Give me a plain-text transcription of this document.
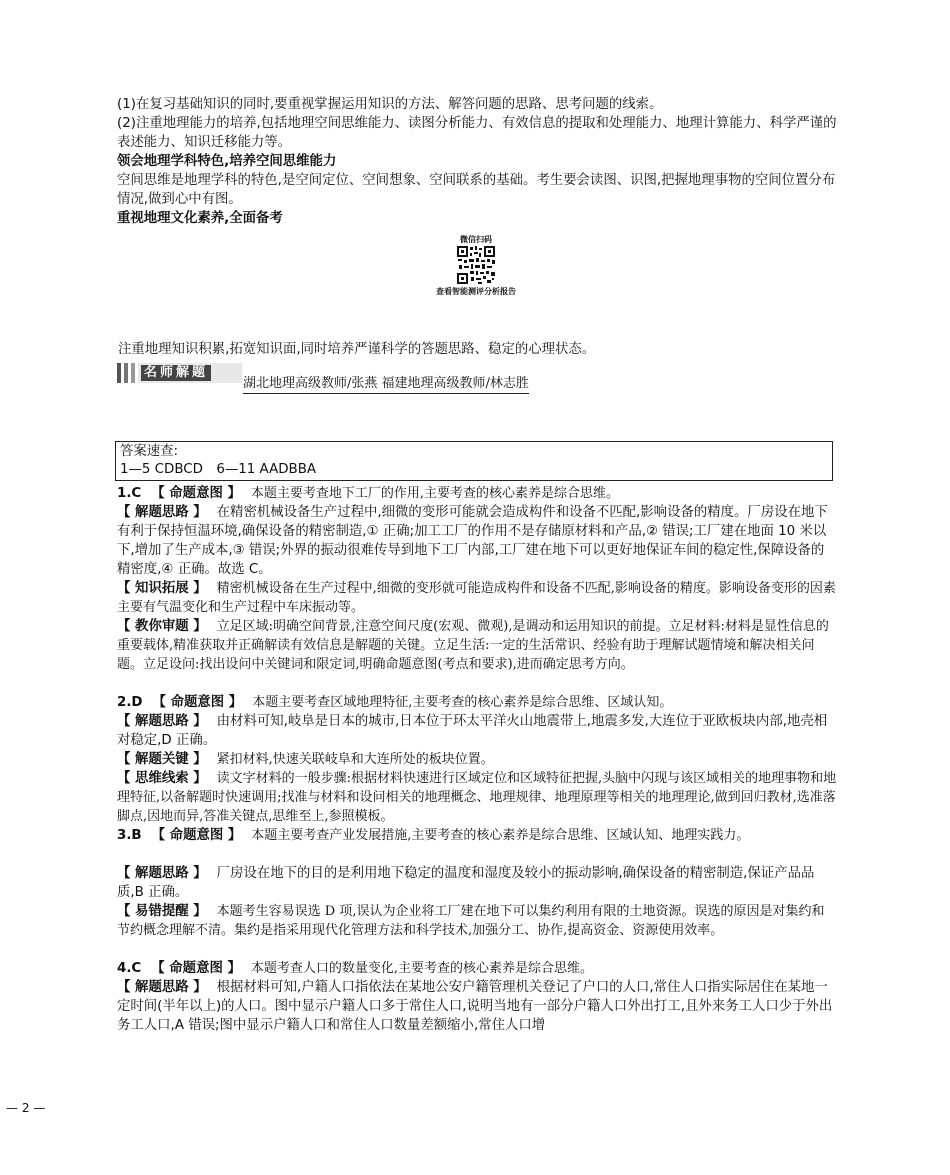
(1)在复习基础知识的同时,要重视掌握运用知识的方法、解答问题的思路、思考问题的线索。

(2)注重地理能力的培养,包括地理空间思维能力、读图分析能力、有效信息的提取和处理能力、地理计算能力、科学严谨的表述能力、知识迁移能力等。

领会地理学科特色,培养空间思维能力

空间思维是地理学科的特色,是空间定位、空间想象、空间联系的基础。考生要会读图、识图,把握地理事物的空间位置分布情况,做到心中有图。

重视地理文化素养,全面备考

微信扫码
查看智能测评分析报告

注重地理知识积累,拓宽知识面,同时培养严谨科学的答题思路、稳定的心理状态。

名师解题
湖北地理高级教师/张燕 福建地理高级教师/林志胜
答案速查:
1—5 CDBCD　6—11 AADBBA

1.C 【 命题意图 】 本题主要考查地下工厂的作用,主要考查的核心素养是综合思维。

【 解题思路 】 在精密机械设备生产过程中,细微的变形可能就会造成构件和设备不匹配,影响设备的精度。厂房设在地下有利于保持恒温环境,确保设备的精密制造,① 正确;加工工厂的作用不是存储原材料和产品,② 错误;工厂建在地面 10 米以下,增加了生产成本,③ 错误;外界的振动很难传导到地下工厂内部,工厂建在地下可以更好地保证车间的稳定性,保障设备的精密度,④ 正确。故选 C。

【 知识拓展 】 精密机械设备在生产过程中,细微的变形就可能造成构件和设备不匹配,影响设备的精度。影响设备变形的因素主要有气温变化和生产过程中车床振动等。

【 教你审题 】 立足区域:明确空间背景,注意空间尺度(宏观、微观),是调动和运用知识的前提。立足材料:材料是显性信息的重要载体,精准获取并正确解读有效信息是解题的关键。立足生活:一定的生活常识、经验有助于理解试题情境和解决相关问题。立足设问:找出设问中关键词和限定词,明确命题意图(考点和要求),进而确定思考方向。

2.D 【 命题意图 】 本题主要考查区域地理特征,主要考查的核心素养是综合思维、区域认知。

【 解题思路 】 由材料可知,岐阜是日本的城市,日本位于环太平洋火山地震带上,地震多发,大连位于亚欧板块内部,地壳相对稳定,D 正确。

【 解题关键 】 紧扣材料,快速关联岐阜和大连所处的板块位置。

【 思维线索 】 读文字材料的一般步骤:根据材料快速进行区域定位和区域特征把握,头脑中闪现与该区域相关的地理事物和地理特征,以备解题时快速调用;找准与材料和设问相关的地理概念、地理规律、地理原理等相关的地理理论,做到回归教材,选准落脚点,因地而异,答准关键点,思维至上,参照模板。

3.B 【 命题意图 】 本题主要考查产业发展措施,主要考查的核心素养是综合思维、区域认知、地理实践力。

【 解题思路 】 厂房设在地下的目的是利用地下稳定的温度和湿度及较小的振动影响,确保设备的精密制造,保证产品品质,B 正确。

【 易错提醒 】 本题考生容易误选 D 项,误认为企业将工厂建在地下可以集约利用有限的土地资源。误选的原因是对集约和节约概念理解不清。集约是指采用现代化管理方法和科学技术,加强分工、协作,提高资金、资源使用效率。

4.C 【 命题意图 】 本题考查人口的数量变化,主要考查的核心素养是综合思维。

【 解题思路 】 根据材料可知,户籍人口指依法在某地公安户籍管理机关登记了户口的人口,常住人口指实际居住在某地一定时间(半年以上)的人口。图中显示户籍人口多于常住人口,说明当地有一部分户籍人口外出打工,且外来务工人口少于外出务工人口,A 错误;图中显示户籍人口和常住人口数量差额缩小,常住人口增

— 2 —
